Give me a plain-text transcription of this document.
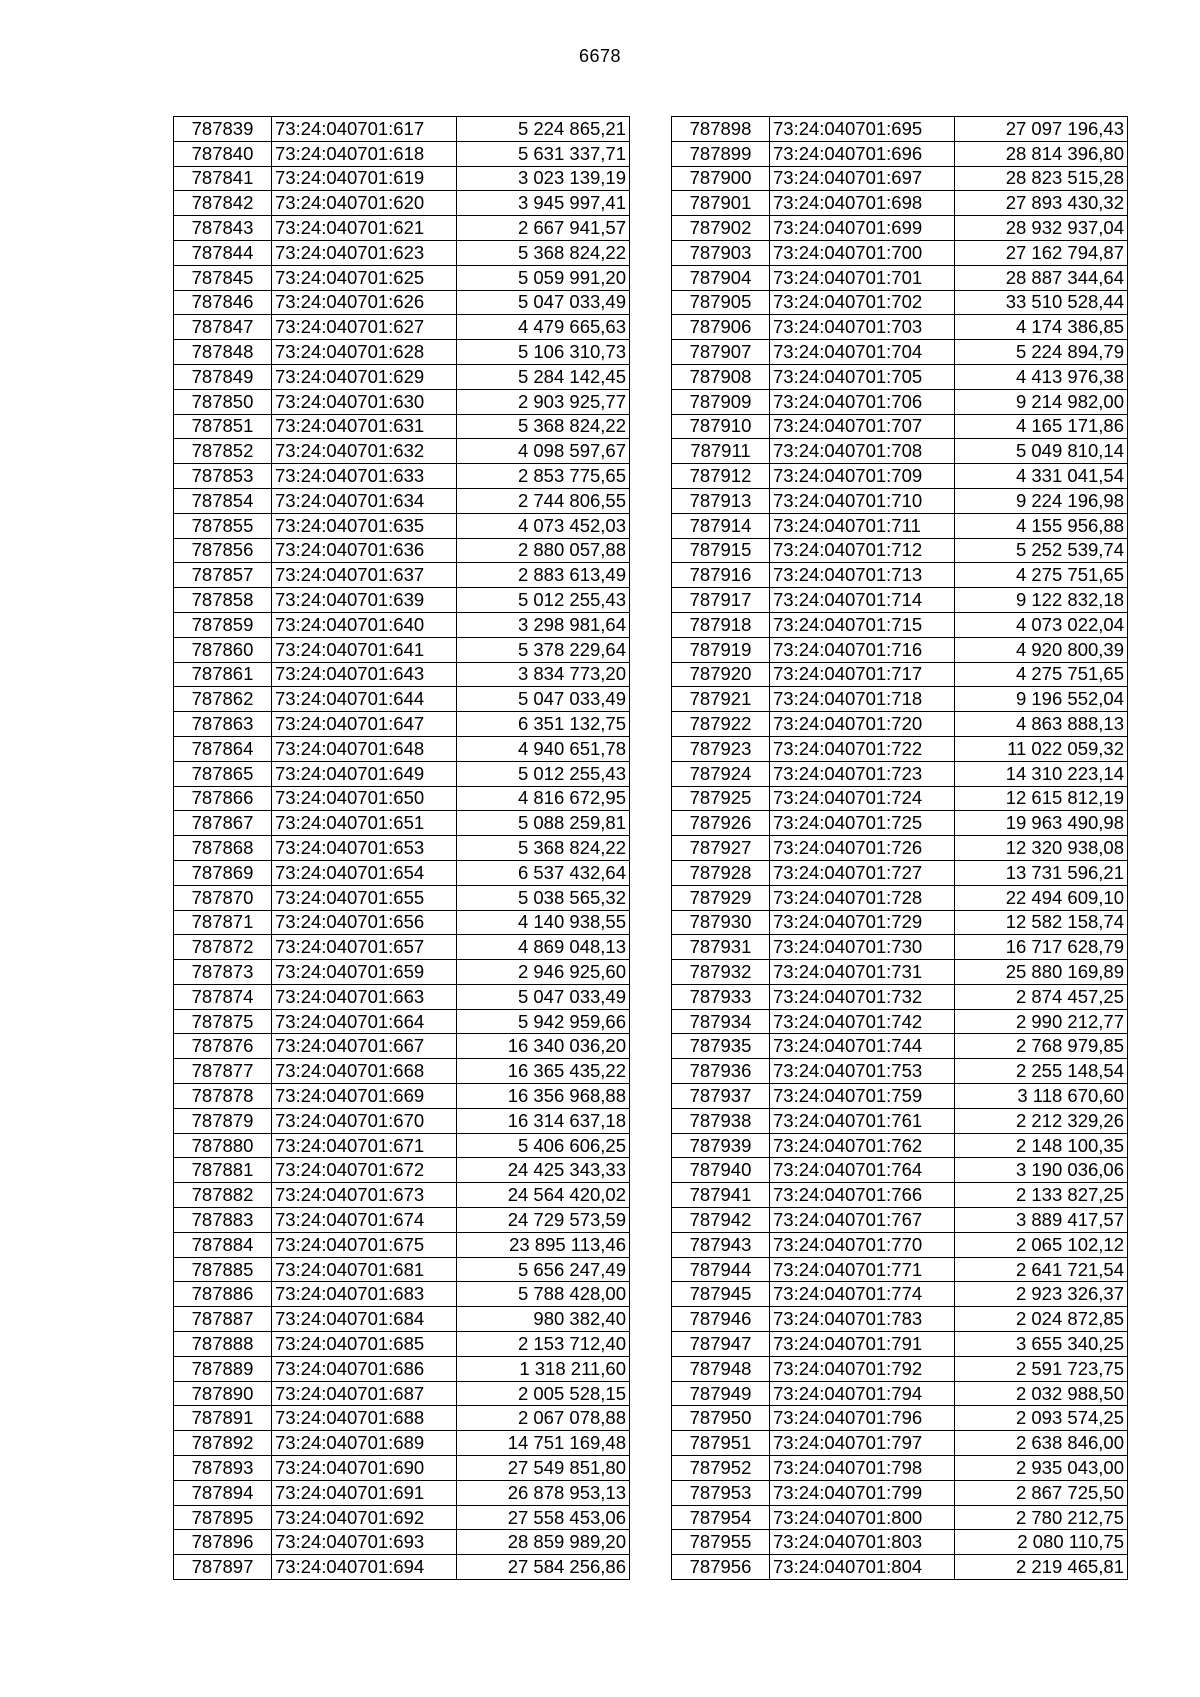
6678
787839	73:24:040701:617	5 224 865,21
787840	73:24:040701:618	5 631 337,71
787841	73:24:040701:619	3 023 139,19
787842	73:24:040701:620	3 945 997,41
787843	73:24:040701:621	2 667 941,57
787844	73:24:040701:623	5 368 824,22
787845	73:24:040701:625	5 059 991,20
787846	73:24:040701:626	5 047 033,49
787847	73:24:040701:627	4 479 665,63
787848	73:24:040701:628	5 106 310,73
787849	73:24:040701:629	5 284 142,45
787850	73:24:040701:630	2 903 925,77
787851	73:24:040701:631	5 368 824,22
787852	73:24:040701:632	4 098 597,67
787853	73:24:040701:633	2 853 775,65
787854	73:24:040701:634	2 744 806,55
787855	73:24:040701:635	4 073 452,03
787856	73:24:040701:636	2 880 057,88
787857	73:24:040701:637	2 883 613,49
787858	73:24:040701:639	5 012 255,43
787859	73:24:040701:640	3 298 981,64
787860	73:24:040701:641	5 378 229,64
787861	73:24:040701:643	3 834 773,20
787862	73:24:040701:644	5 047 033,49
787863	73:24:040701:647	6 351 132,75
787864	73:24:040701:648	4 940 651,78
787865	73:24:040701:649	5 012 255,43
787866	73:24:040701:650	4 816 672,95
787867	73:24:040701:651	5 088 259,81
787868	73:24:040701:653	5 368 824,22
787869	73:24:040701:654	6 537 432,64
787870	73:24:040701:655	5 038 565,32
787871	73:24:040701:656	4 140 938,55
787872	73:24:040701:657	4 869 048,13
787873	73:24:040701:659	2 946 925,60
787874	73:24:040701:663	5 047 033,49
787875	73:24:040701:664	5 942 959,66
787876	73:24:040701:667	16 340 036,20
787877	73:24:040701:668	16 365 435,22
787878	73:24:040701:669	16 356 968,88
787879	73:24:040701:670	16 314 637,18
787880	73:24:040701:671	5 406 606,25
787881	73:24:040701:672	24 425 343,33
787882	73:24:040701:673	24 564 420,02
787883	73:24:040701:674	24 729 573,59
787884	73:24:040701:675	23 895 113,46
787885	73:24:040701:681	5 656 247,49
787886	73:24:040701:683	5 788 428,00
787887	73:24:040701:684	980 382,40
787888	73:24:040701:685	2 153 712,40
787889	73:24:040701:686	1 318 211,60
787890	73:24:040701:687	2 005 528,15
787891	73:24:040701:688	2 067 078,88
787892	73:24:040701:689	14 751 169,48
787893	73:24:040701:690	27 549 851,80
787894	73:24:040701:691	26 878 953,13
787895	73:24:040701:692	27 558 453,06
787896	73:24:040701:693	28 859 989,20
787897	73:24:040701:694	27 584 256,86
787898	73:24:040701:695	27 097 196,43
787899	73:24:040701:696	28 814 396,80
787900	73:24:040701:697	28 823 515,28
787901	73:24:040701:698	27 893 430,32
787902	73:24:040701:699	28 932 937,04
787903	73:24:040701:700	27 162 794,87
787904	73:24:040701:701	28 887 344,64
787905	73:24:040701:702	33 510 528,44
787906	73:24:040701:703	4 174 386,85
787907	73:24:040701:704	5 224 894,79
787908	73:24:040701:705	4 413 976,38
787909	73:24:040701:706	9 214 982,00
787910	73:24:040701:707	4 165 171,86
787911	73:24:040701:708	5 049 810,14
787912	73:24:040701:709	4 331 041,54
787913	73:24:040701:710	9 224 196,98
787914	73:24:040701:711	4 155 956,88
787915	73:24:040701:712	5 252 539,74
787916	73:24:040701:713	4 275 751,65
787917	73:24:040701:714	9 122 832,18
787918	73:24:040701:715	4 073 022,04
787919	73:24:040701:716	4 920 800,39
787920	73:24:040701:717	4 275 751,65
787921	73:24:040701:718	9 196 552,04
787922	73:24:040701:720	4 863 888,13
787923	73:24:040701:722	11 022 059,32
787924	73:24:040701:723	14 310 223,14
787925	73:24:040701:724	12 615 812,19
787926	73:24:040701:725	19 963 490,98
787927	73:24:040701:726	12 320 938,08
787928	73:24:040701:727	13 731 596,21
787929	73:24:040701:728	22 494 609,10
787930	73:24:040701:729	12 582 158,74
787931	73:24:040701:730	16 717 628,79
787932	73:24:040701:731	25 880 169,89
787933	73:24:040701:732	2 874 457,25
787934	73:24:040701:742	2 990 212,77
787935	73:24:040701:744	2 768 979,85
787936	73:24:040701:753	2 255 148,54
787937	73:24:040701:759	3 118 670,60
787938	73:24:040701:761	2 212 329,26
787939	73:24:040701:762	2 148 100,35
787940	73:24:040701:764	3 190 036,06
787941	73:24:040701:766	2 133 827,25
787942	73:24:040701:767	3 889 417,57
787943	73:24:040701:770	2 065 102,12
787944	73:24:040701:771	2 641 721,54
787945	73:24:040701:774	2 923 326,37
787946	73:24:040701:783	2 024 872,85
787947	73:24:040701:791	3 655 340,25
787948	73:24:040701:792	2 591 723,75
787949	73:24:040701:794	2 032 988,50
787950	73:24:040701:796	2 093 574,25
787951	73:24:040701:797	2 638 846,00
787952	73:24:040701:798	2 935 043,00
787953	73:24:040701:799	2 867 725,50
787954	73:24:040701:800	2 780 212,75
787955	73:24:040701:803	2 080 110,75
787956	73:24:040701:804	2 219 465,81
